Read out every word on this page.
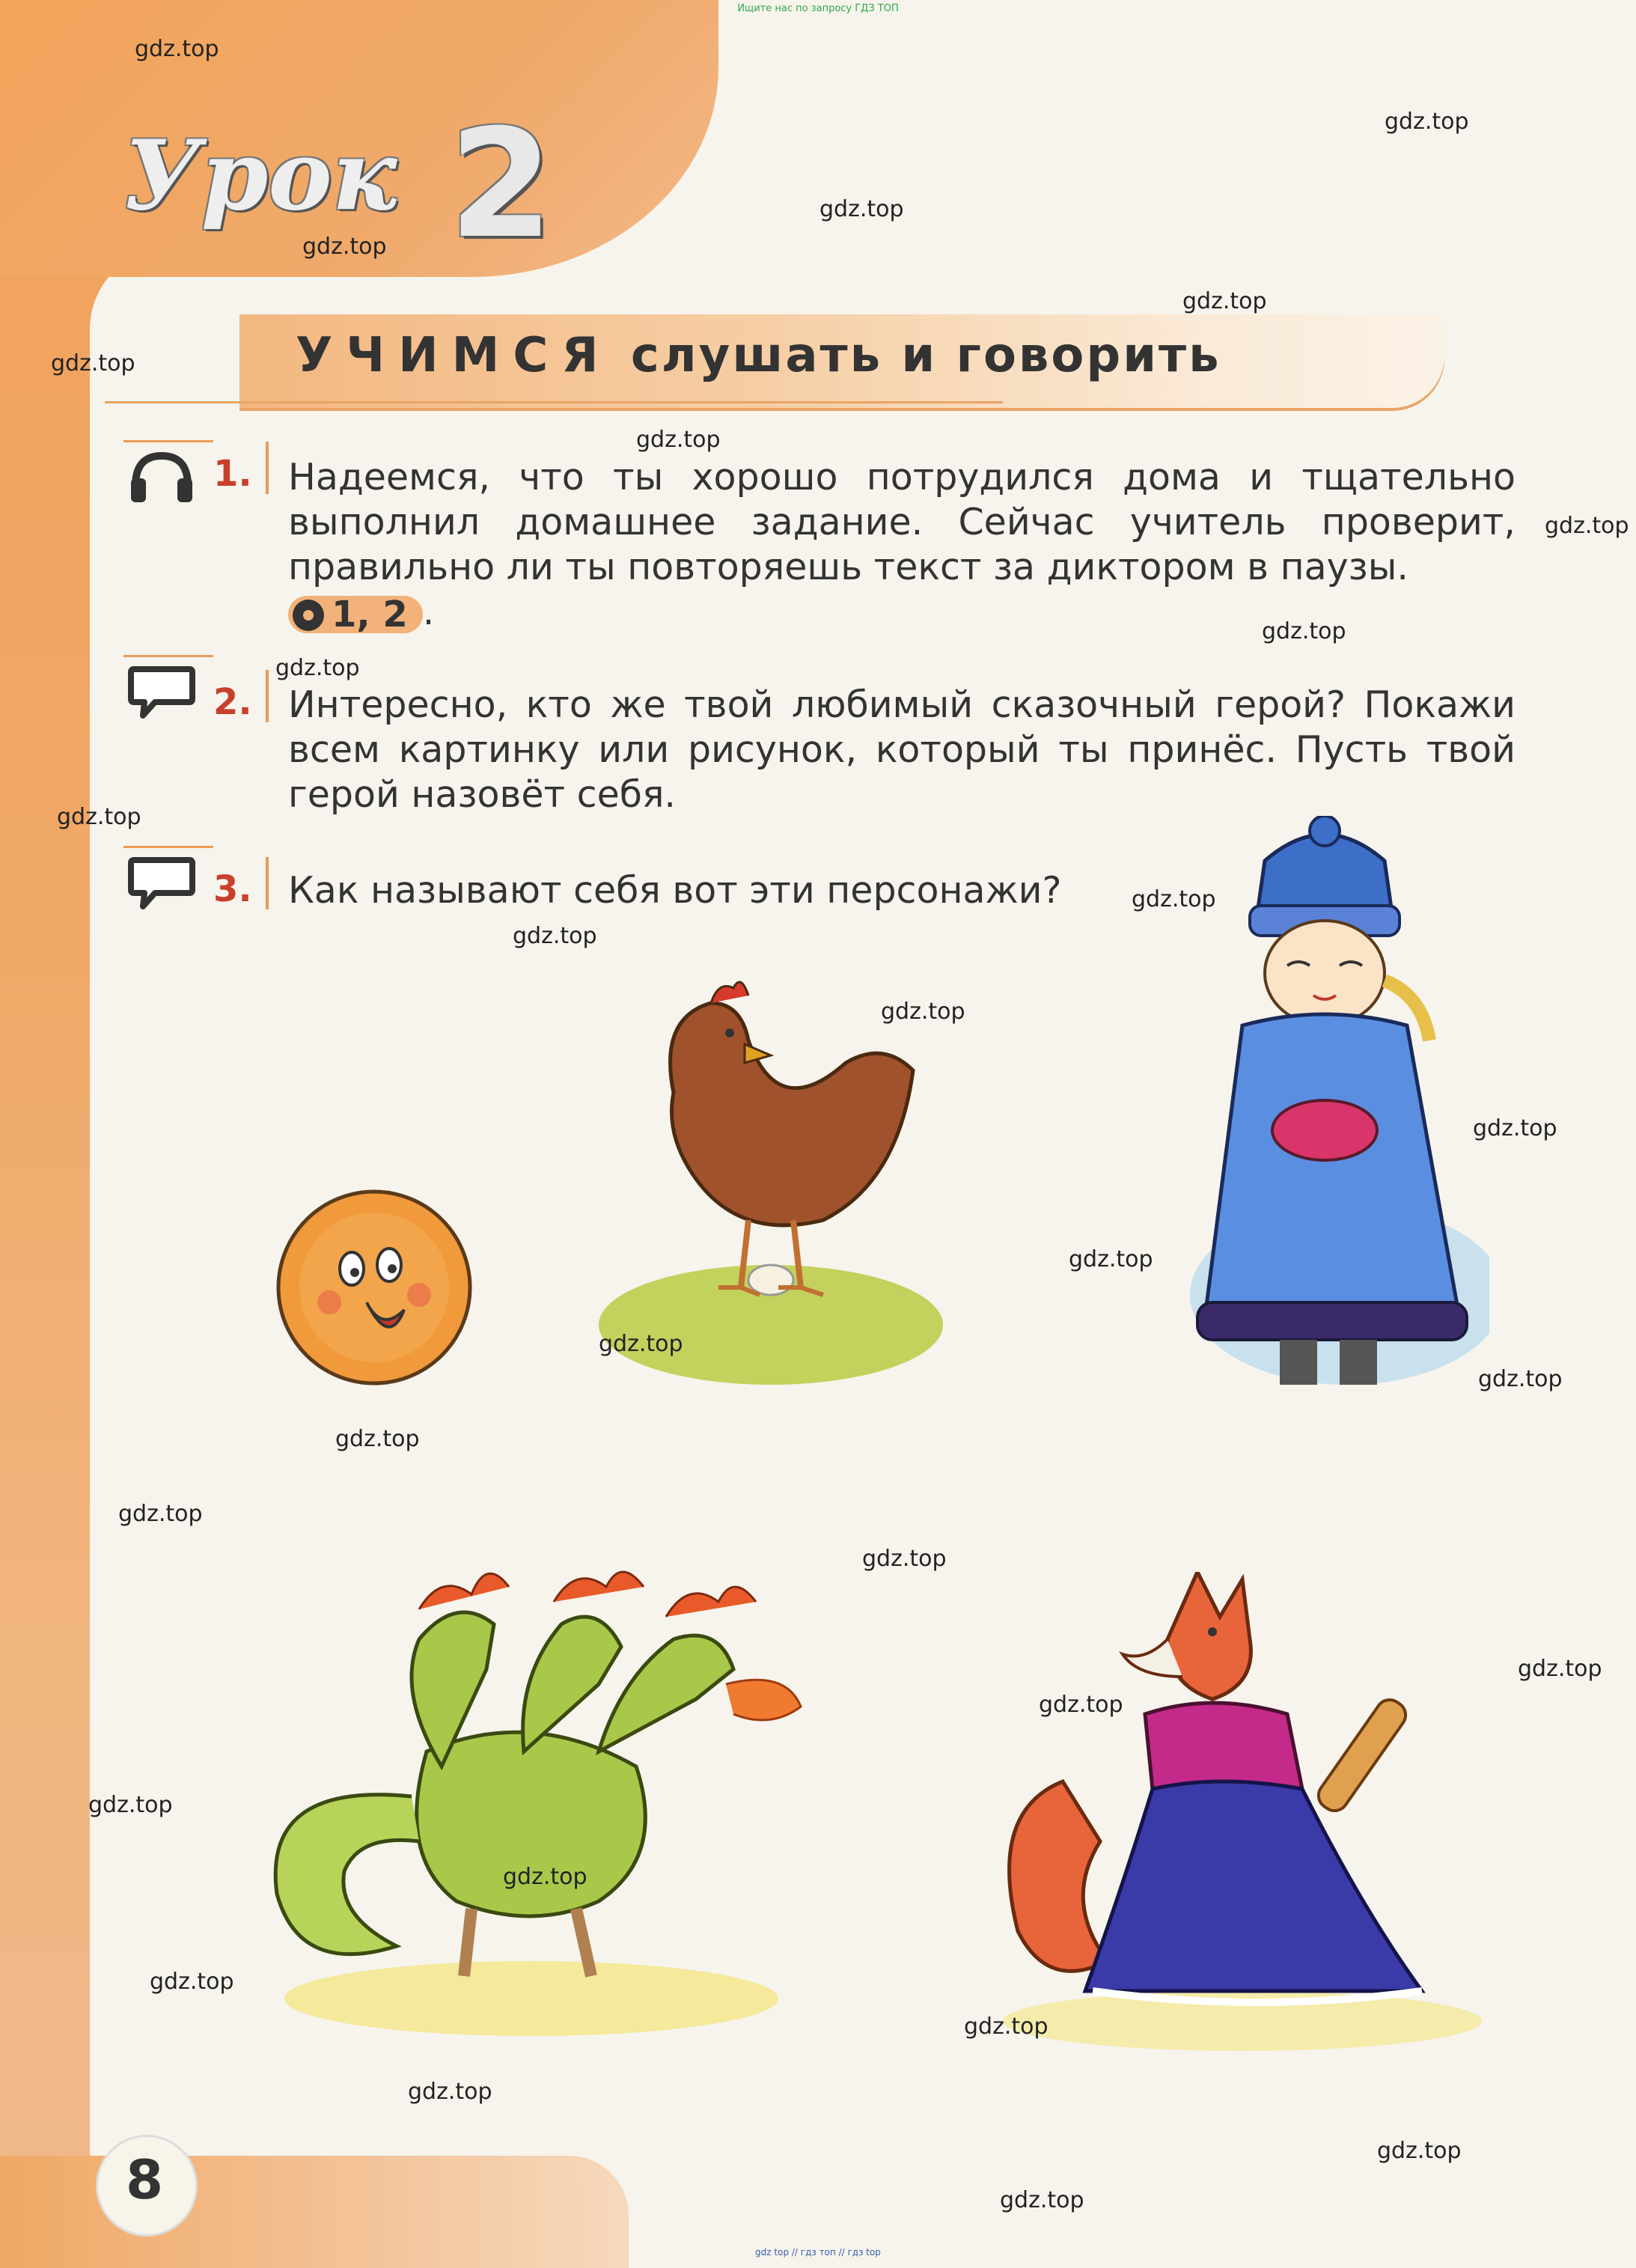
Ищите нас по запросу ГДЗ ТОП
Урок 2
УЧИМСЯ слушать и говорить
1. Надеемся, что ты хорошо потрудился дома и тщательно выполнил домашнее задание. Сейчас учитель проверит, правильно ли ты повторяешь текст за диктором в паузы.
1, 2 .
2. Интересно, кто же твой любимый сказочный герой? Покажи всем картинку или рисунок, который ты принёс. Пусть твой герой назовёт себя.
3. Как называют себя вот эти персонажи?
8
gdz.top
gdz.top
gdz.top
gdz.top
gdz.top
gdz.top
gdz.top
gdz.top
gdz.top
gdz.top
gdz.top
gdz.top
gdz.top
gdz.top
gdz.top
gdz.top
gdz.top
gdz.top
gdz.top
gdz.top
gdz.top
gdz.top
gdz.top
gdz.top
gdz.top
gdz.top
gdz.top
gdz.top
gdz.top
gdz.top
gdz top // гдз топ // гдз top
